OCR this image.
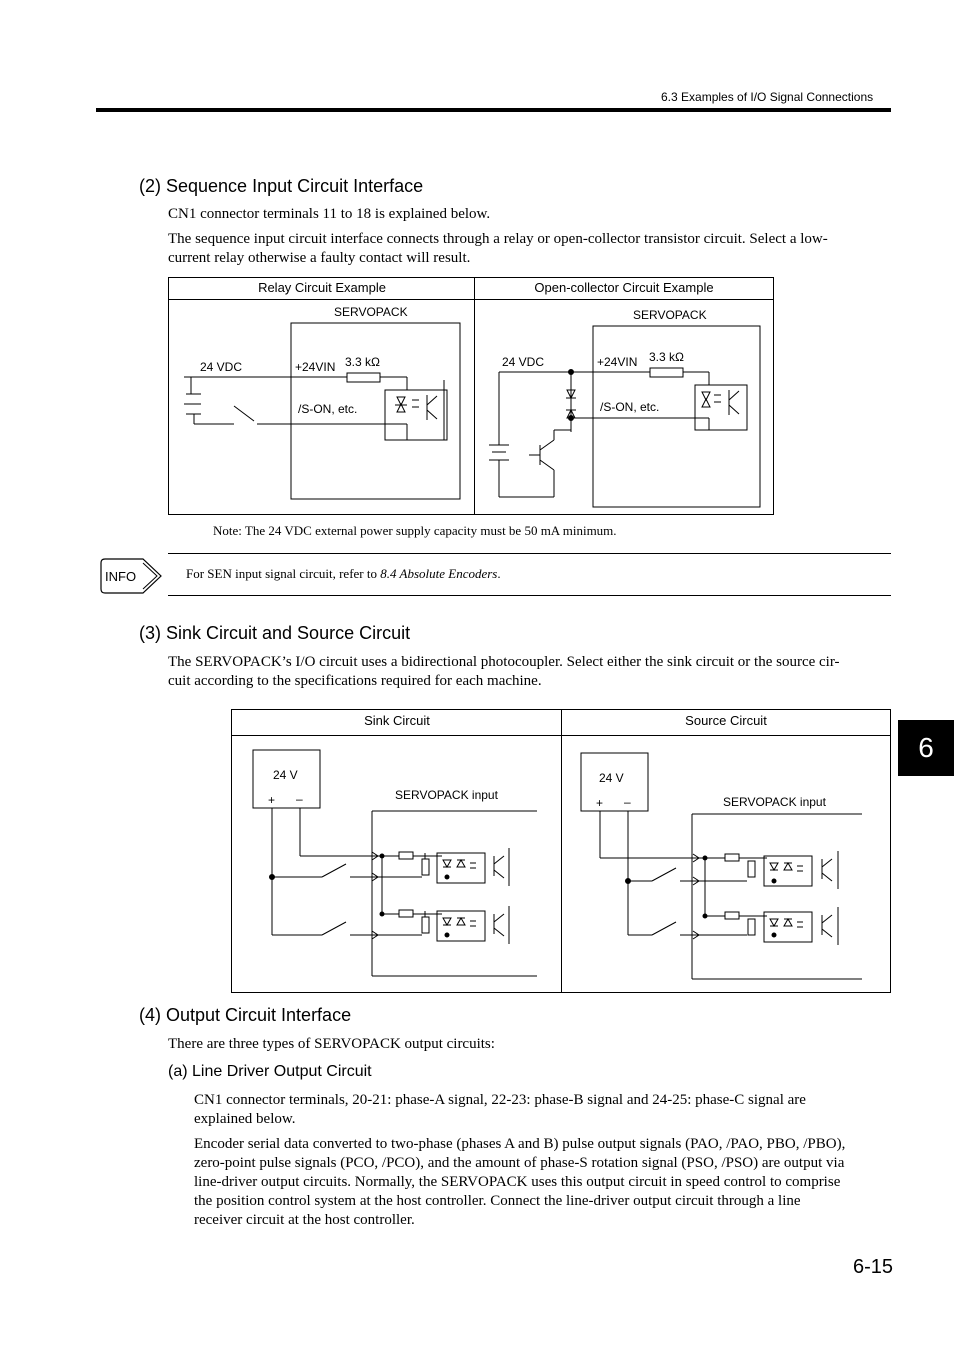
6.3 Examples of I/O Signal Connections
(2) Sequence Input Circuit Interface
CN1 connector terminals 11 to 18 is explained below.
The sequence input circuit interface connects through a relay or open-collector transistor circuit. Select a low-
current relay otherwise a faulty contact will result.
Relay Circuit Example	Open-collector Circuit Example
SERVOPACK
24 VDC	+24VIN 3.3 kΩ
/S-ON, etc.
SERVOPACK
24 VDC	+24VIN 3.3 kΩ
/S-ON, etc.
Note: The 24 VDC external power supply capacity must be 50 mA minimum.
INFO	For SEN input signal circuit, refer to 8.4 Absolute Encoders.
(3) Sink Circuit and Source Circuit
The SERVOPACK’s I/O circuit uses a bidirectional photocoupler. Select either the sink circuit or the source cir-
cuit according to the specifications required for each machine.
Sink Circuit	Source Circuit
24 V
+ –	SERVOPACK input
24 V
+ –	SERVOPACK input
(4) Output Circuit Interface
There are three types of SERVOPACK output circuits:
(a) Line Driver Output Circuit
CN1 connector terminals, 20-21: phase-A signal, 22-23: phase-B signal and 24-25: phase-C signal are
explained below.
Encoder serial data converted to two-phase (phases A and B) pulse output signals (PAO, /PAO, PBO, /PBO),
zero-point pulse signals (PCO, /PCO), and the amount of phase-S rotation signal (PSO, /PSO) are output via
line-driver output circuits. Normally, the SERVOPACK uses this output circuit in speed control to comprise
the position control system at the host controller. Connect the line-driver output circuit through a line
receiver circuit at the host controller.
6
6-15
